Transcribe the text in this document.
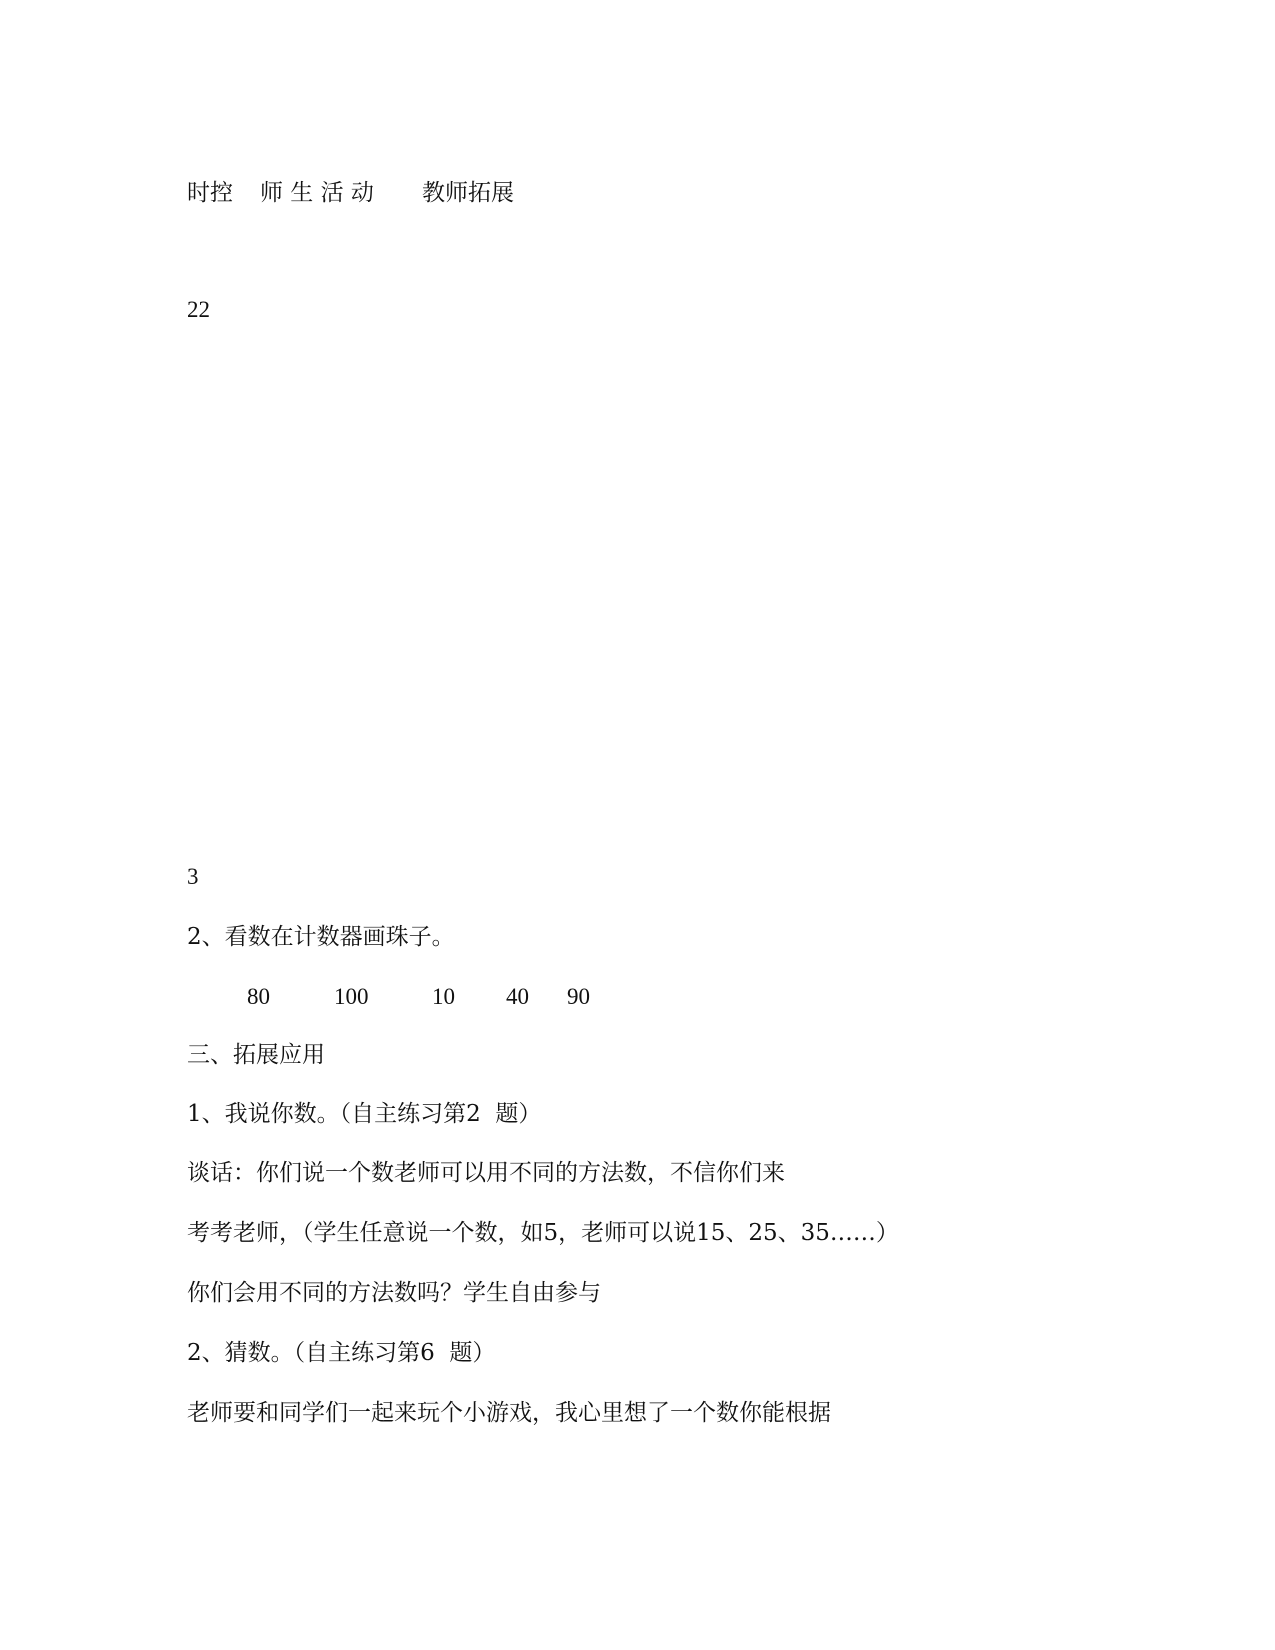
时控 师 生 活 动 教师拓展
22
3
2、看数在计数器画珠子。
80	100	10 40 90
三、拓展应用
1、我说你数。（自主练习第2  题）
谈话：你们说一个数老师可以用不同的方法数，不信你们来
考考老师，（学生任意说一个数，如5，老师可以说15、25、35……）
你们会用不同的方法数吗？学生自由参与
2、猜数。（自主练习第6  题）
老师要和同学们一起来玩个小游戏，我心里想了一个数你能根据
